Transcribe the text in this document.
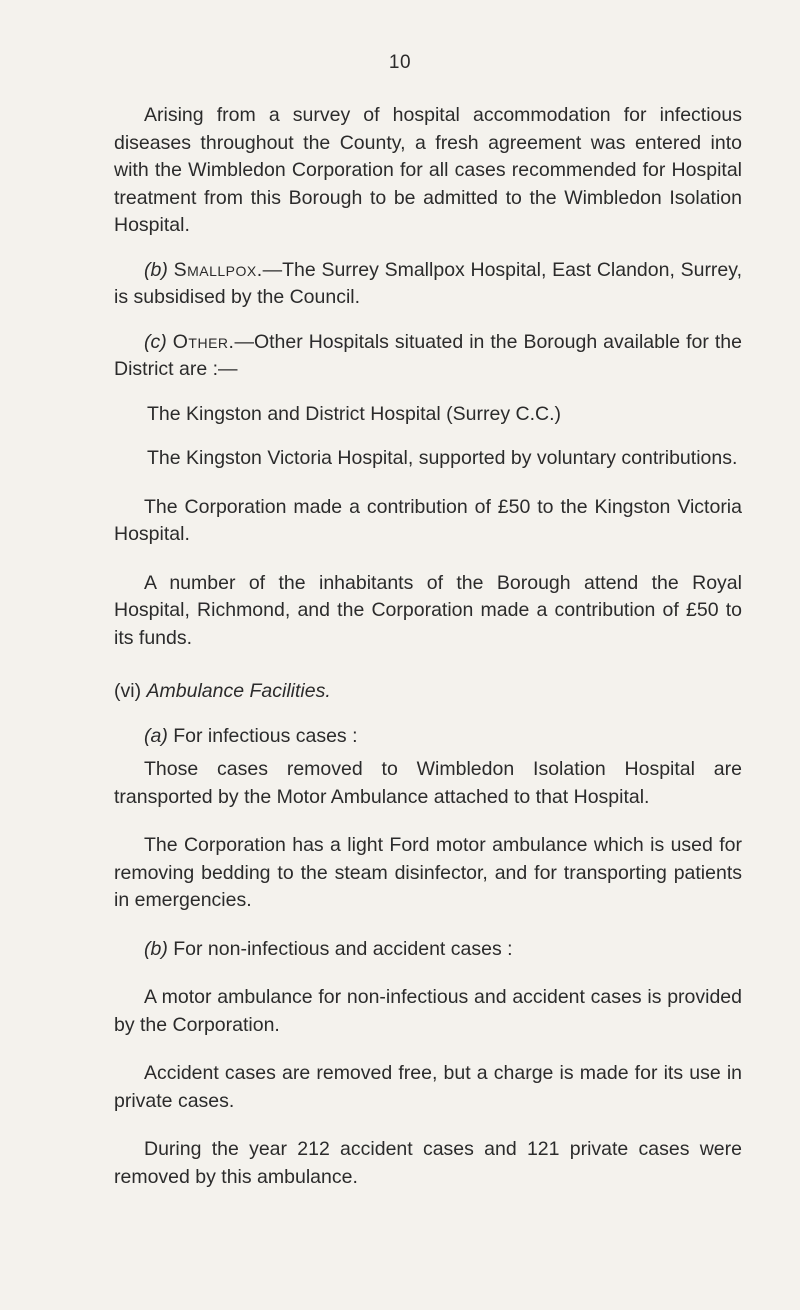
10

Arising from a survey of hospital accommodation for infectious diseases throughout the County, a fresh agreement was entered into with the Wimbledon Corporation for all cases recommended for Hospital treatment from this Borough to be admitted to the Wimbledon Isolation Hospital.

(b) Smallpox.—The Surrey Smallpox Hospital, East Clandon, Surrey, is subsidised by the Council.

(c) Other.—Other Hospitals situated in the Borough available for the District are :—

The Kingston and District Hospital (Surrey C.C.)

The Kingston Victoria Hospital, supported by voluntary contributions.

The Corporation made a contribution of £50 to the Kingston Victoria Hospital.

A number of the inhabitants of the Borough attend the Royal Hospital, Richmond, and the Corporation made a contribution of £50 to its funds.

(vi) Ambulance Facilities.

(a) For infectious cases :

Those cases removed to Wimbledon Isolation Hospital are transported by the Motor Ambulance attached to that Hospital.

The Corporation has a light Ford motor ambulance which is used for removing bedding to the steam disinfector, and for transporting patients in emergencies.

(b) For non-infectious and accident cases :

A motor ambulance for non-infectious and accident cases is provided by the Corporation.

Accident cases are removed free, but a charge is made for its use in private cases.

During the year 212 accident cases and 121 private cases were removed by this ambulance.
